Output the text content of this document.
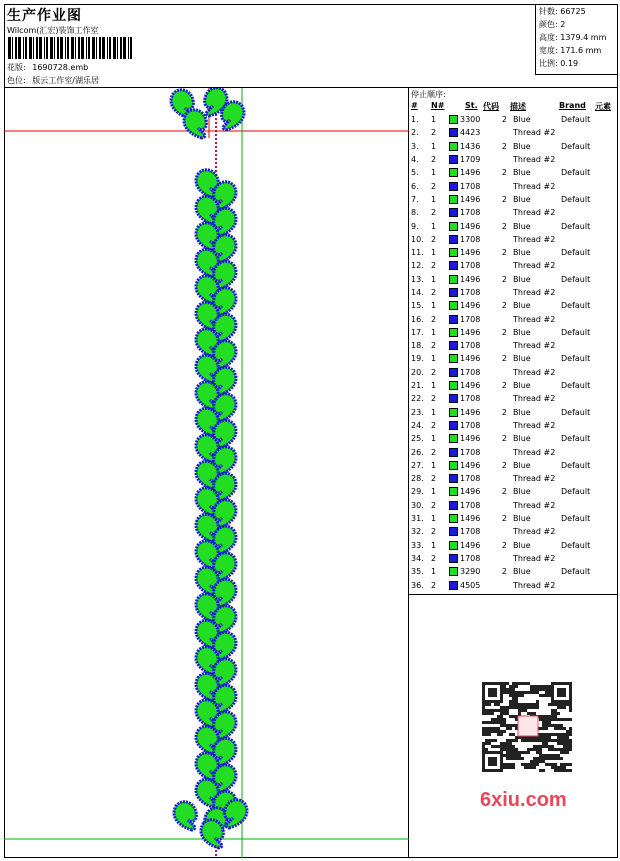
生产作业图
Wilcom(汇宏)装饰工作室
花版: 1690728.emb
色位: 版云工作室/湖乐居
针数: 66725
颜色: 2
高度: 1379.4 mm
宽度: 171.6 mm
比例: 0.19
停止顺序:
# N#	St. 代码 描述	Brand 元素
1.	1	3300	2	Blue	Default
2.	2	4423		Thread #2	
3.	1	1436	2	Blue	Default
4.	2	1709		Thread #2	
5.	1	1496	2	Blue	Default
6.	2	1708		Thread #2	
7.	1	1496	2	Blue	Default
8.	2	1708		Thread #2	
9.	1	1496	2	Blue	Default
10.	2	1708		Thread #2	
11.	1	1496	2	Blue	Default
12.	2	1708		Thread #2	
13.	1	1496	2	Blue	Default
14.	2	1708		Thread #2	
15.	1	1496	2	Blue	Default
16.	2	1708		Thread #2	
17.	1	1496	2	Blue	Default
18.	2	1708		Thread #2	
19.	1	1496	2	Blue	Default
20.	2	1708		Thread #2	
21.	1	1496	2	Blue	Default
22.	2	1708		Thread #2	
23.	1	1496	2	Blue	Default
24.	2	1708		Thread #2	
25.	1	1496	2	Blue	Default
26.	2	1708		Thread #2	
27.	1	1496	2	Blue	Default
28.	2	1708		Thread #2	
29.	1	1496	2	Blue	Default
30.	2	1708		Thread #2	
31.	1	1496	2	Blue	Default
32.	2	1708		Thread #2	
33.	1	1496	2	Blue	Default
34.	2	1708		Thread #2	
35.	1	3290	2	Blue	Default
36.	2	4505		Thread #2	
6xiu.com
